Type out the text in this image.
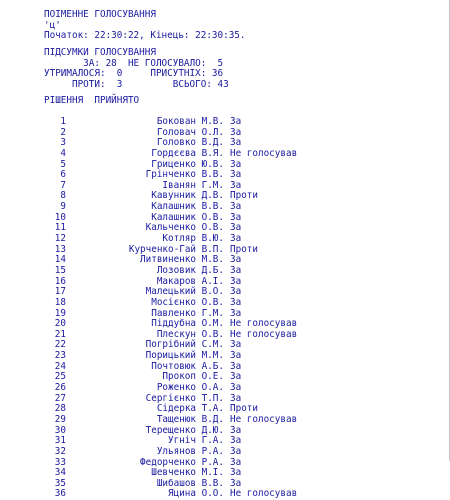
ПОІМЕННЕ ГОЛОСУВАННЯ
'ц'
Початок: 22:30:22, Кінець: 22:30:35.
ПІДСУМКИ ГОЛОСУВАННЯ
ЗА: 28  НЕ ГОЛОСУВАЛО:  5
УТРИМАЛОСЯ:  0     ПРИСУТНІХ: 36
ПРОТИ:  3         ВСЬОГО: 43
РІШЕННЯ  ПРИЙНЯТО
1	Бокован М.В. За
2	Головач О.Л. За
3	Головко В.Д. За
4	Гордєєва В.Я. Не голосував
5	Гриценко Ю.В. За
6	Грінченко В.В. За
7	Іванян Г.М. За
8	Кавунник Д.В. Проти
9	Калашник В.В. За
10	Калашник О.В. За
11	Кальченко О.В. За
12	Котляр В.Ю. За
13	Курченко-Гай В.П. Проти
14	Литвиненко М.В. За
15	Лозовик Д.Б. За
16	Макаров А.І. За
17	Малецький В.О. За
18	Мосієнко О.В. За
19	Павленко Г.М. За
20	Піддубна О.М. Не голосував
21	Плескун О.В. Не голосував
22	Погрібний С.М. За
23	Порицький М.М. За
24	Почтовюк А.Б. За
25	Прокоп О.Е. За
26	Роженко О.А. За
27	Сергієнко Т.П. За
28	Сідерка Т.А. Проти
29	Тащенюк В.Д. Не голосував
30	Терещенко Д.Ю. За
31	Угніч Г.А. За
32	Ульянов Р.А. За
33	Федорченко Р.А. За
34	Шевченко М.І. За
35	Шибашов В.В. За
36	Яцина О.О. Не голосував
